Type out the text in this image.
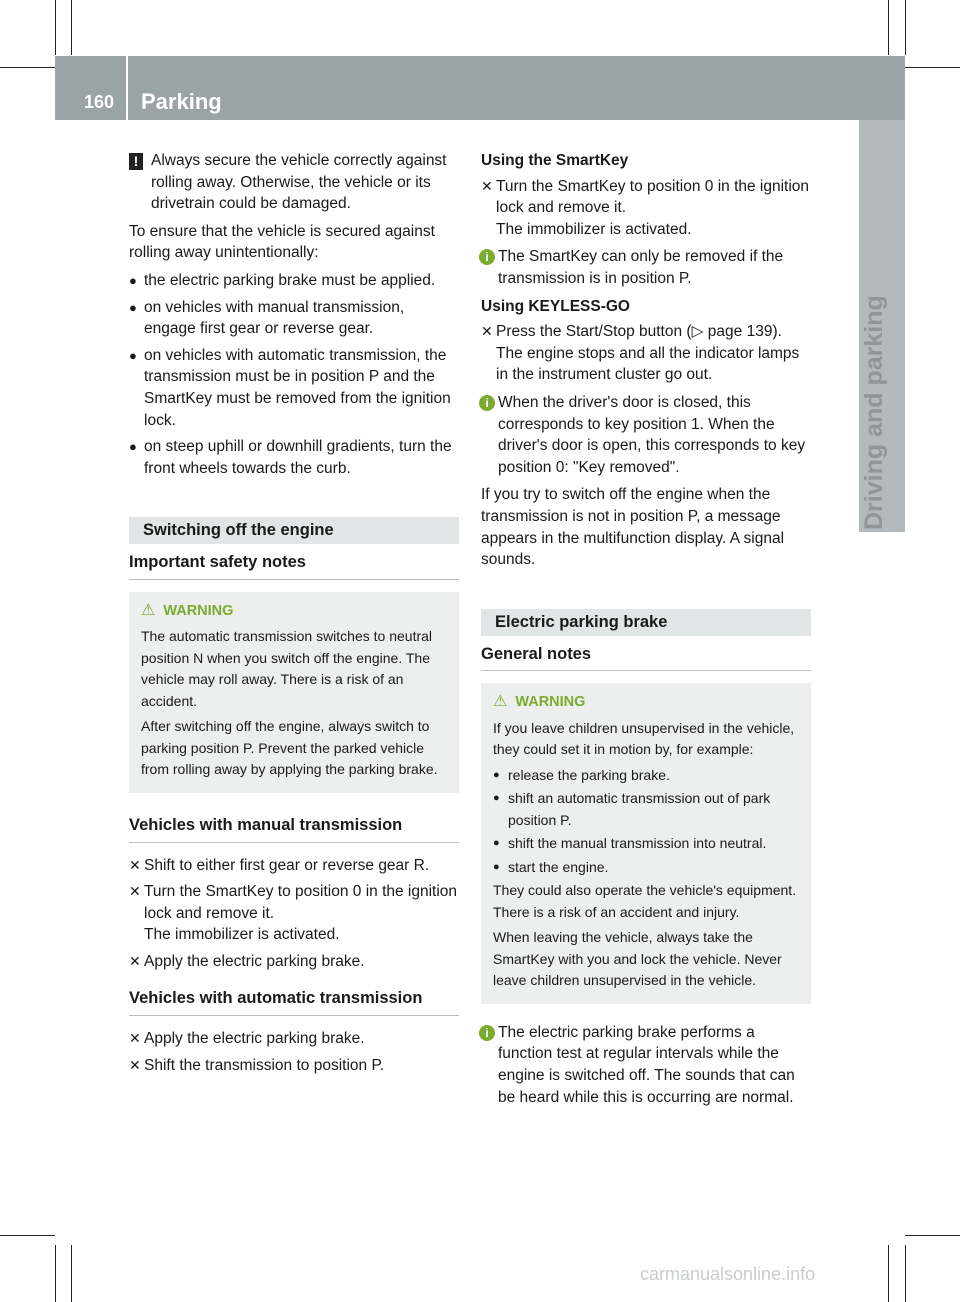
160 Parking
Driving and parking

! Always secure the vehicle correctly against rolling away. Otherwise, the vehicle or its drivetrain could be damaged.

To ensure that the vehicle is secured against rolling away unintentionally:

● the electric parking brake must be applied.
● on vehicles with manual transmission, engage first gear or reverse gear.
● on vehicles with automatic transmission, the transmission must be in position P and the SmartKey must be removed from the ignition lock.
● on steep uphill or downhill gradients, turn the front wheels towards the curb.
Switching off the engine
Important safety notes
⚠ WARNING

The automatic transmission switches to neutral position N when you switch off the engine. The vehicle may roll away. There is a risk of an accident.

After switching off the engine, always switch to parking position P. Prevent the parked vehicle from rolling away by applying the parking brake.

Vehicles with manual transmission
✕ Shift to either first gear or reverse gear R.
✕ Turn the SmartKey to position 0 in the ignition lock and remove it.
The immobilizer is activated.
✕ Apply the electric parking brake.
Vehicles with automatic transmission
✕ Apply the electric parking brake.
✕ Shift the transmission to position P.

Using the SmartKey

✕ Turn the SmartKey to position 0 in the ignition lock and remove it.
The immobilizer is activated.
i The SmartKey can only be removed if the transmission is in position P.

Using KEYLESS-GO

✕ Press the Start/Stop button (▷ page 139).
The engine stops and all the indicator lamps in the instrument cluster go out.
i When the driver's door is closed, this corresponds to key position 1. When the driver's door is open, this corresponds to key position 0: "Key removed".

If you try to switch off the engine when the transmission is not in position P, a message appears in the multifunction display. A signal sounds.

Electric parking brake
General notes
⚠ WARNING

If you leave children unsupervised in the vehicle, they could set it in motion by, for example:

● release the parking brake.
● shift an automatic transmission out of park position P.
● shift the manual transmission into neutral.
● start the engine.

They could also operate the vehicle's equipment. There is a risk of an accident and injury.

When leaving the vehicle, always take the SmartKey with you and lock the vehicle. Never leave children unsupervised in the vehicle.

i The electric parking brake performs a function test at regular intervals while the engine is switched off. The sounds that can be heard while this is occurring are normal.
carmanualsonline.info
